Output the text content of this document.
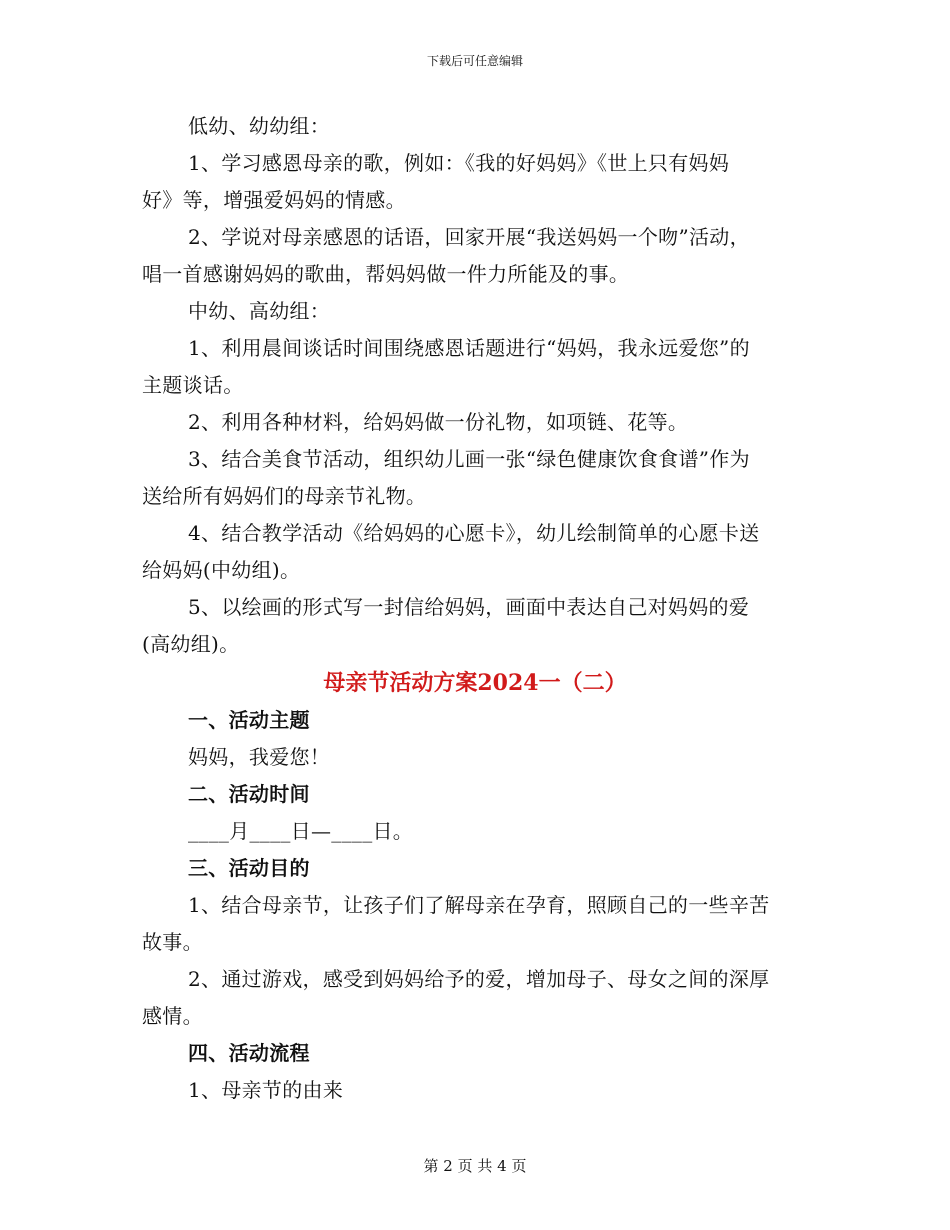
下载后可任意编辑
低幼、幼幼组：
1、学习感恩母亲的歌，例如：《我的好妈妈》《世上只有妈妈
好》等，增强爱妈妈的情感。
2、学说对母亲感恩的话语，回家开展“我送妈妈一个吻”活动，
唱一首感谢妈妈的歌曲，帮妈妈做一件力所能及的事。
中幼、高幼组：
1、利用晨间谈话时间围绕感恩话题进行“妈妈，我永远爱您”的
主题谈话。
2、利用各种材料，给妈妈做一份礼物，如项链、花等。
3、结合美食节活动，组织幼儿画一张“绿色健康饮食食谱”作为
送给所有妈妈们的母亲节礼物。
4、结合教学活动《给妈妈的心愿卡》，幼儿绘制简单的心愿卡送
给妈妈(中幼组)。
5、以绘画的形式写一封信给妈妈，画面中表达自己对妈妈的爱
(高幼组)。
母亲节活动方案2024一（二）
一、活动主题
妈妈，我爱您！
二、活动时间
____月____日—____日。
三、活动目的
1、结合母亲节，让孩子们了解母亲在孕育，照顾自己的一些辛苦
故事。
2、通过游戏，感受到妈妈给予的爱，增加母子、母女之间的深厚
感情。
四、活动流程
1、母亲节的由来
第 2 页 共 4 页
